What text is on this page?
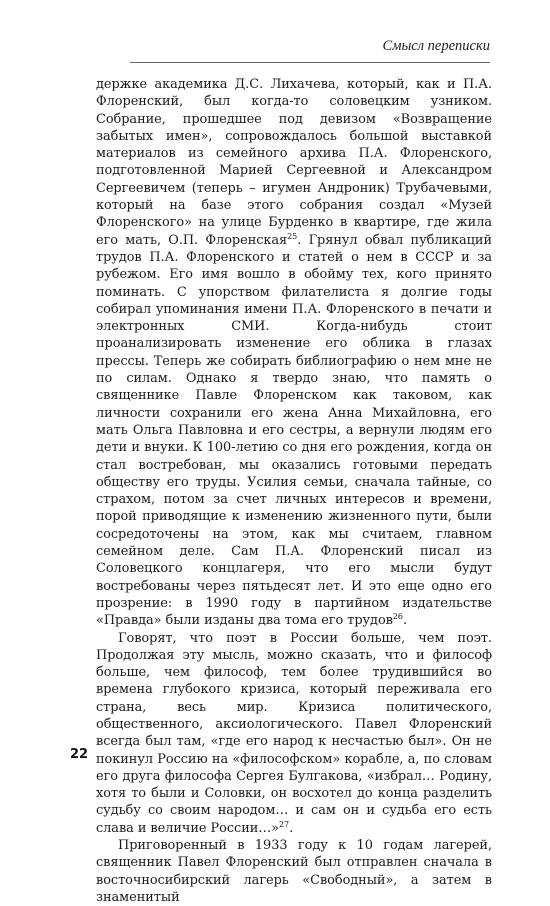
Смысл переписки

держке академика Д.С. Лихачева, который, как и П.А. Флоренский, был когда-то соловецким узником. Собрание, прошедшее под девизом «Возвращение забытых имен», сопровождалось большой выставкой материалов из семейного архива П.А. Флоренского, подготовленной Марией Сергеевной и Александром Сергеевичем (теперь – игумен Андроник) Трубачевыми, который на базе этого собрания создал «Музей Флоренского» на улице Бурденко в квартире, где жила его мать, О.П. Флоренская$^{25}$. Грянул обвал публикаций трудов П.А. Флоренского и статей о нем в СССР и за рубежом. Его имя вошло в обойму тех, кого принято поминать. С упорством филателиста я долгие годы собирал упоминания имени П.А. Флоренского в печати и электронных СМИ. Когда-нибудь стоит проанализировать изменение его облика в глазах прессы. Теперь же собирать библиографию о нем мне не по силам. Однако я твердо знаю, что память о священнике Павле Флоренском как таковом, как личности сохранили его жена Анна Михайловна, его мать Ольга Павловна и его сестры, а вернули людям его дети и внуки. К 100-летию со дня его рождения, когда он стал востребован, мы оказались готовыми передать обществу его труды. Усилия семьи, сначала тайные, со страхом, потом за счет личных интересов и времени, порой приводящие к изменению жизненного пути, были сосредоточены на этом, как мы считаем, главном семейном деле. Сам П.А. Флоренский писал из Соловецкого концлагеря, что его мысли будут востребованы через пятьдесят лет. И это еще одно его прозрение: в 1990 году в партийном издательстве «Правда» были изданы два тома его трудов$^{26}$.

Говорят, что поэт в России больше, чем поэт. Продолжая эту мысль, можно сказать, что и философ больше, чем философ, тем более трудившийся во времена глубокого кризиса, который переживала его страна, весь мир. Кризиса политического, общественного, аксиологического. Павел Флоренский всегда был там, «где его народ к несчастью был». Он не покинул Россию на «философском» корабле, а, по словам его друга философа Сергея Булгакова, «избрал… Родину, хотя то были и Соловки, он восхотел до конца разделить судьбу со своим народом… и сам он и судьба его есть слава и величие России…»$^{27}$.

Приговоренный в 1933 году к 10 годам лагерей, священник Павел Флоренский был отправлен сначала в восточносибирский лагерь «Свободный», а затем в знаменитый

22
